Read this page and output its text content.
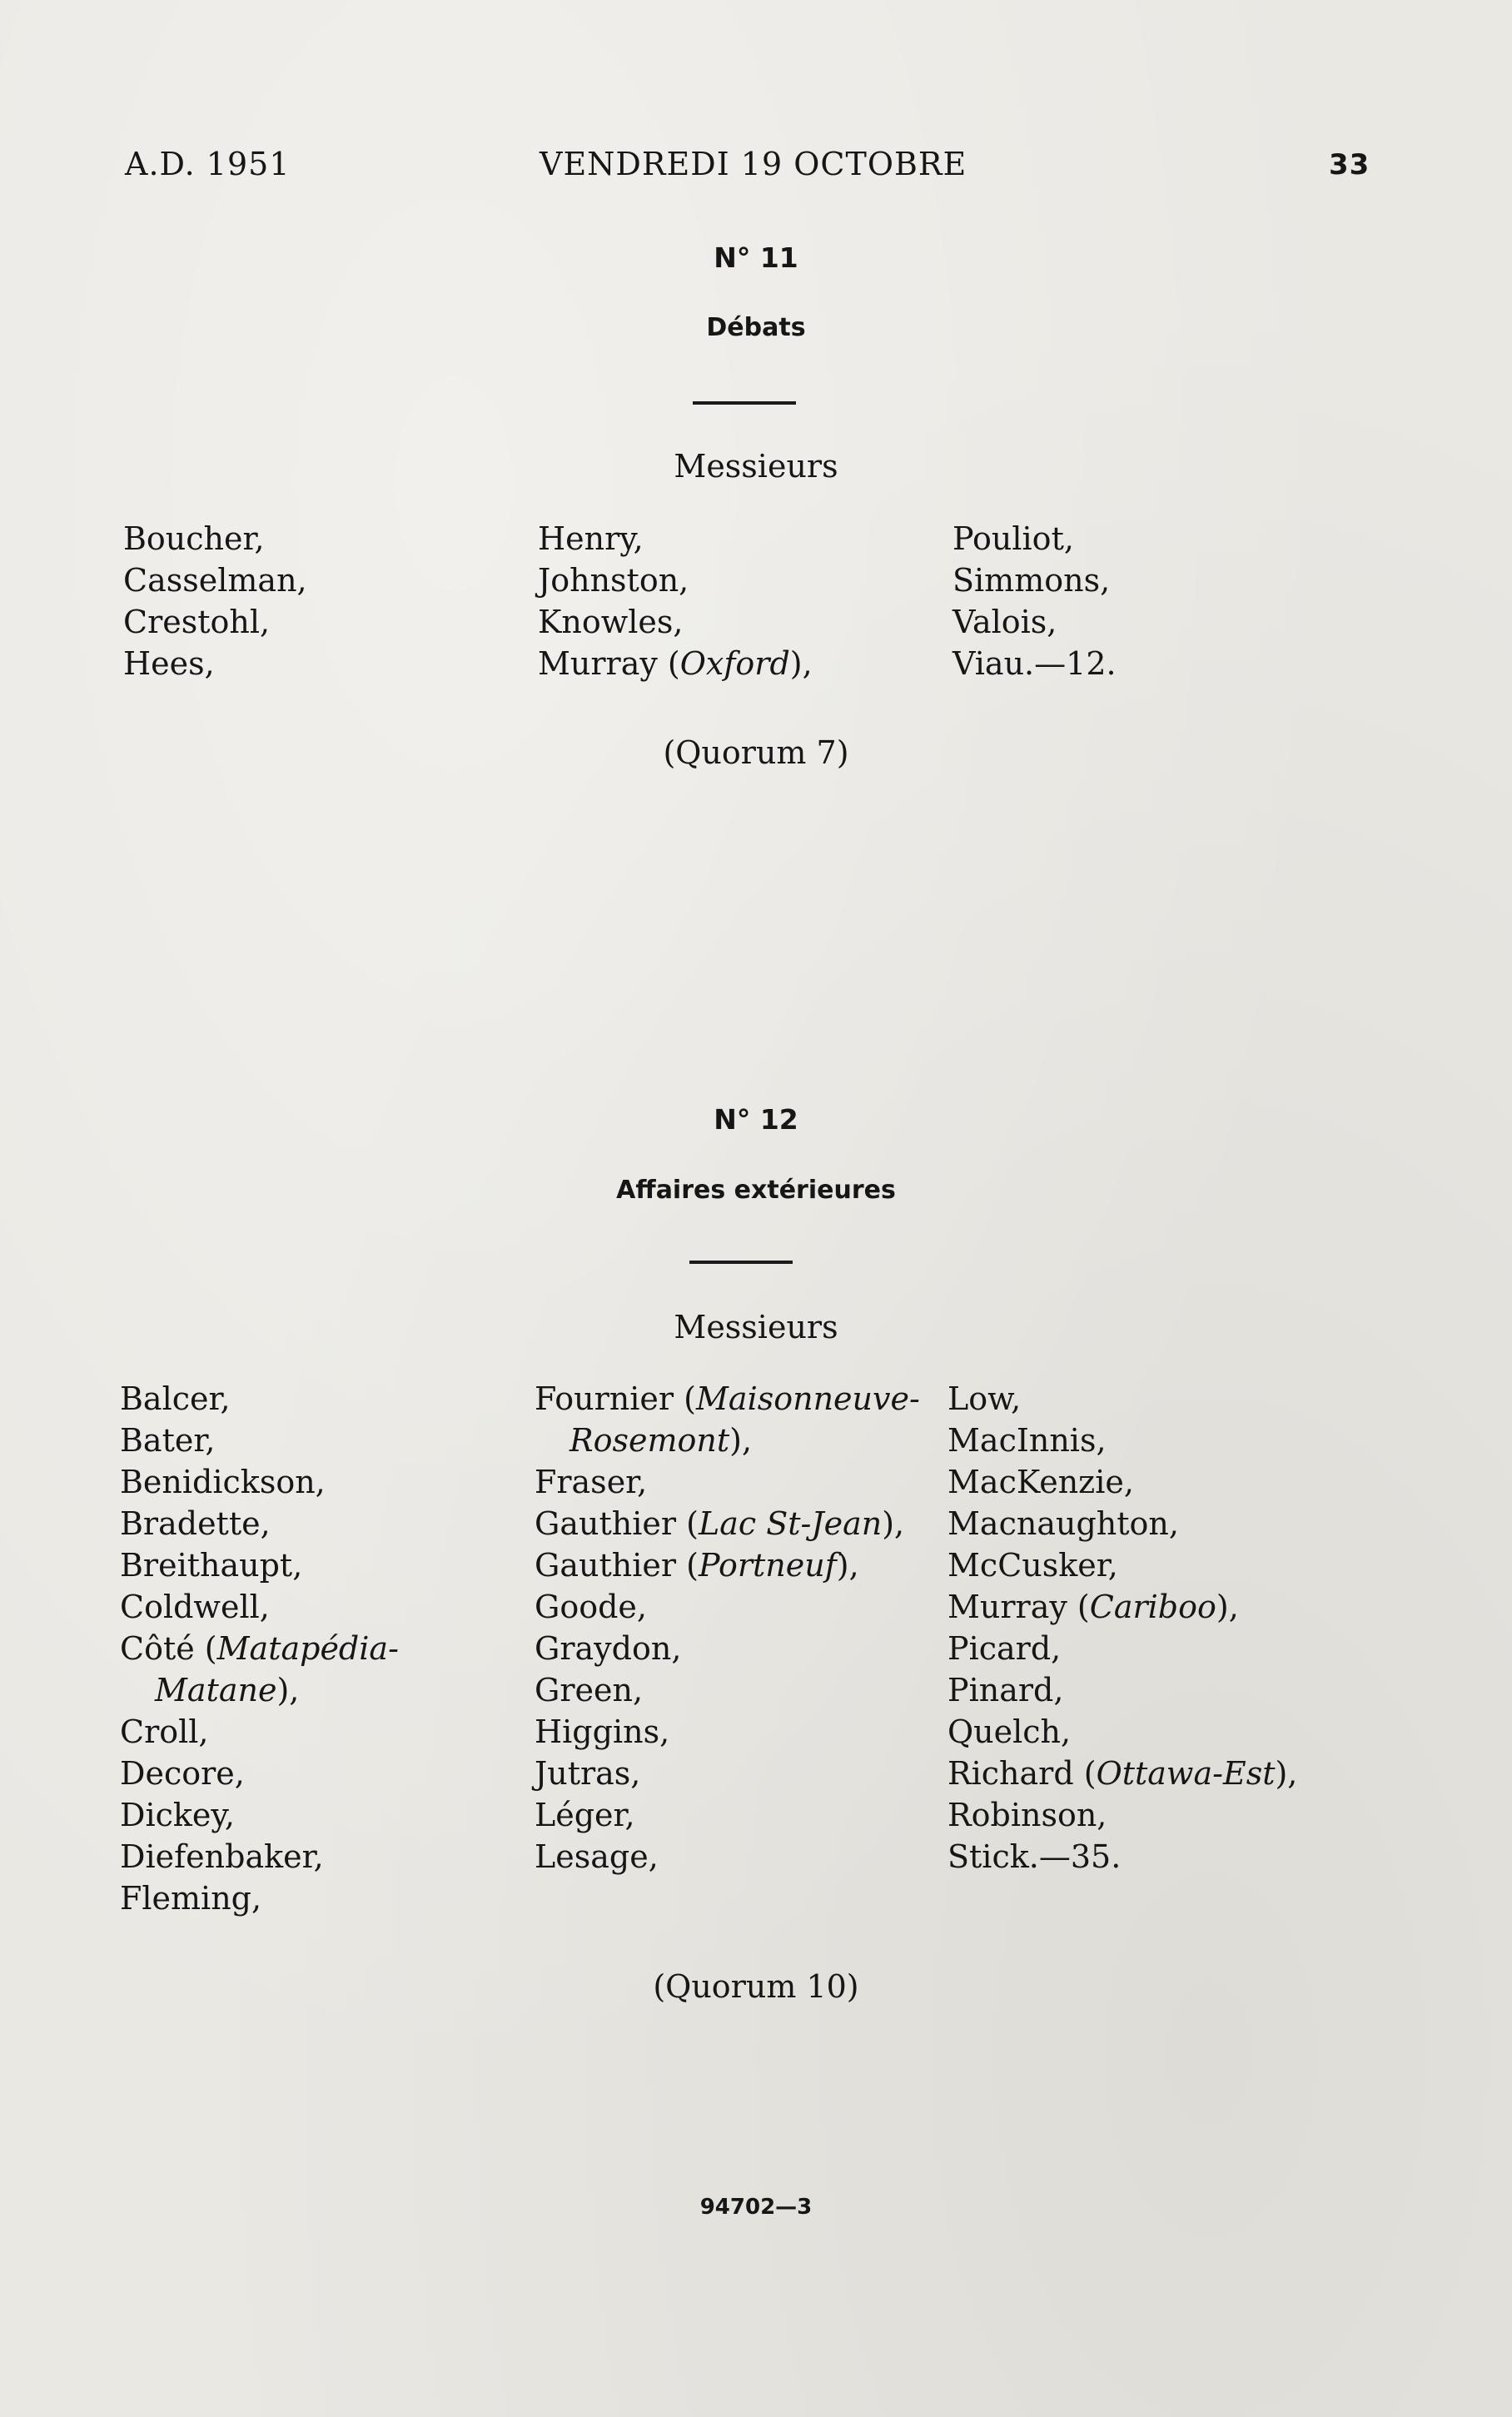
A.D. 1951	VENDREDI 19 OCTOBRE	33
N° 11
Débats
Messieurs
Boucher,
Casselman,
Crestohl,
Hees,
Henry,
Johnston,
Knowles,
Murray (Oxford),
Pouliot,
Simmons,
Valois,
Viau.—12.
(Quorum 7)
N° 12
Affaires extérieures
Messieurs
Balcer,
Bater,
Benidickson,
Bradette,
Breithaupt,
Coldwell,
Côté (Matapédia-
Matane),
Croll,
Decore,
Dickey,
Diefenbaker,
Fleming,
Fournier (Maisonneuve-
Rosemont),
Fraser,
Gauthier (Lac St-Jean),
Gauthier (Portneuf),
Goode,
Graydon,
Green,
Higgins,
Jutras,
Léger,
Lesage,
Low,
MacInnis,
MacKenzie,
Macnaughton,
McCusker,
Murray (Cariboo),
Picard,
Pinard,
Quelch,
Richard (Ottawa-Est),
Robinson,
Stick.—35.
(Quorum 10)
94702—3
